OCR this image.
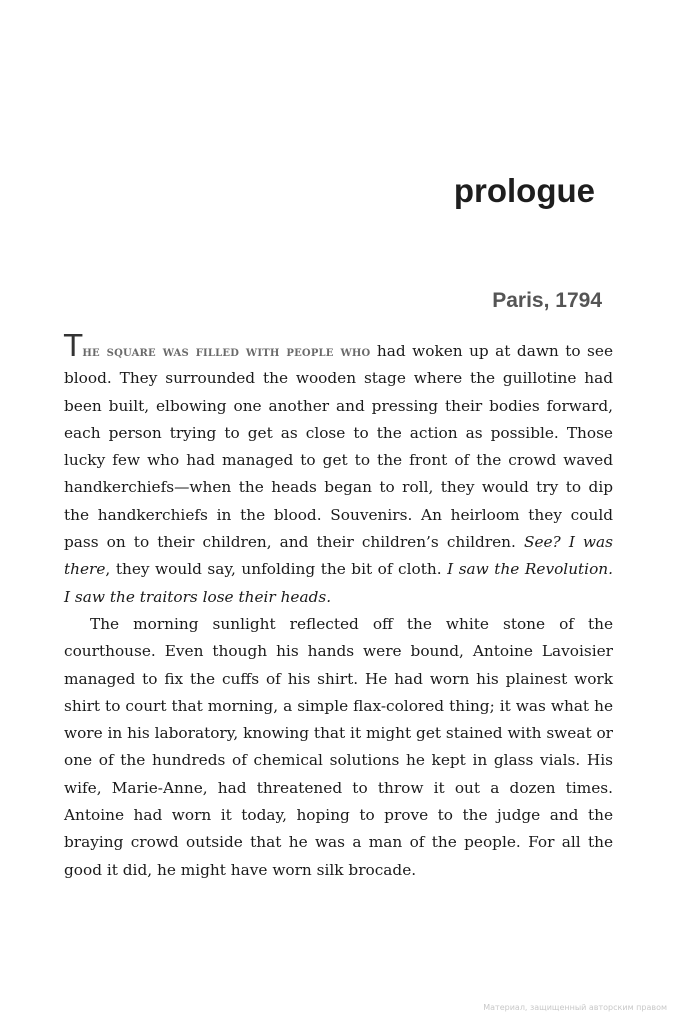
prologue
Paris, 1794

The square was filled with people who had woken up at dawn to see blood. They surrounded the wooden stage where the guillotine had been built, elbowing one another and pressing their bodies forward, each person trying to get as close to the action as possible. Those lucky few who had managed to get to the front of the crowd waved handkerchiefs—when the heads began to roll, they would try to dip the handkerchiefs in the blood. Souvenirs. An heirloom they could pass on to their children, and their children’s children. See? I was there, they would say, unfolding the bit of cloth. I saw the Revolution. I saw the traitors lose their heads.

The morning sunlight reflected off the white stone of the courthouse. Even though his hands were bound, Antoine Lavoisier managed to fix the cuffs of his shirt. He had worn his plainest work shirt to court that morning, a simple flax-colored thing; it was what he wore in his laboratory, knowing that it might get stained with sweat or one of the hundreds of chemical solutions he kept in glass vials. His wife, Marie-Anne, had threatened to throw it out a dozen times. Antoine had worn it today, hoping to prove to the judge and the braying crowd outside that he was a man of the people. For all the good it did, he might have worn silk brocade.

Материал, защищенный авторским правом
